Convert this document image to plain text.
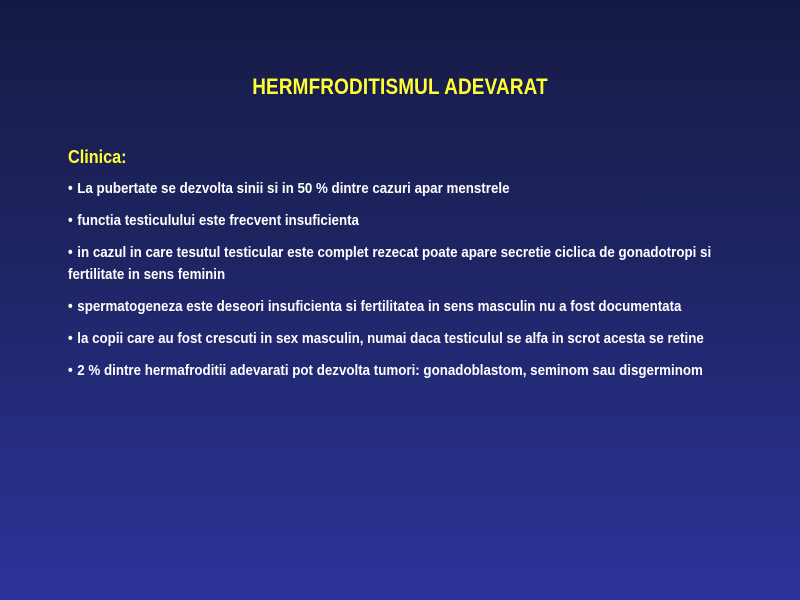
HERMFRODITISMUL ADEVARAT
Clinica:
• La pubertate se dezvolta sinii si in 50 % dintre cazuri apar menstrele
• functia testiculului este frecvent insuficienta
• in cazul in care tesutul testicular este complet rezecat poate apare secretie ciclica de gonadotropi si fertilitate in sens feminin
• spermatogeneza este deseori insuficienta si fertilitatea in sens masculin nu a fost documentata
• la copii care au fost crescuti in sex masculin, numai daca testiculul se alfa in scrot acesta se retine
• 2 % dintre hermafroditii adevarati pot dezvolta tumori: gonadoblastom, seminom sau disgerminom
